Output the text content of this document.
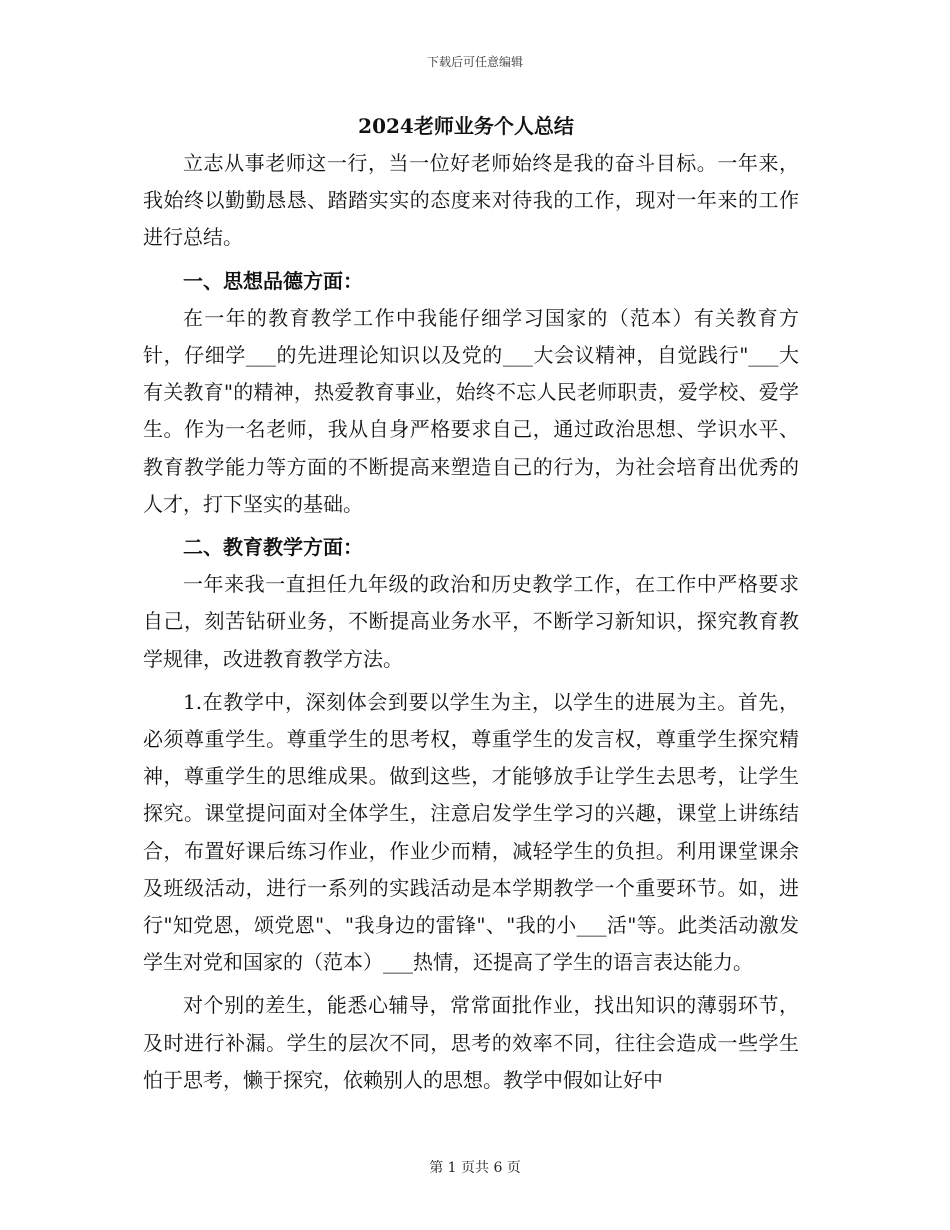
下载后可任意编辑
2024老师业务个人总结

立志从事老师这一行，当一位好老师始终是我的奋斗目标。一年来，我始终以勤勤恳恳、踏踏实实的态度来对待我的工作，现对一年来的工作进行总结。

一、思想品德方面：

在一年的教育教学工作中我能仔细学习国家的（范本）有关教育方针，仔细学___的先进理论知识以及党的___大会议精神，自觉践行"___大有关教育"的精神，热爱教育事业，始终不忘人民老师职责，爱学校、爱学生。作为一名老师，我从自身严格要求自己，通过政治思想、学识水平、教育教学能力等方面的不断提高来塑造自己的行为，为社会培育出优秀的人才，打下坚实的基础。

二、教育教学方面：

一年来我一直担任九年级的政治和历史教学工作，在工作中严格要求自己，刻苦钻研业务，不断提高业务水平，不断学习新知识，探究教育教学规律，改进教育教学方法。

1.在教学中，深刻体会到要以学生为主，以学生的进展为主。首先，必须尊重学生。尊重学生的思考权，尊重学生的发言权，尊重学生探究精神，尊重学生的思维成果。做到这些，才能够放手让学生去思考，让学生探究。课堂提问面对全体学生，注意启发学生学习的兴趣，课堂上讲练结合，布置好课后练习作业，作业少而精，减轻学生的负担。利用课堂课余及班级活动，进行一系列的实践活动是本学期教学一个重要环节。如，进行"知党恩，颂党恩"、"我身边的雷锋"、"我的小___活"等。此类活动激发学生对党和国家的（范本）___热情，还提高了学生的语言表达能力。

对个别的差生，能悉心辅导，常常面批作业，找出知识的薄弱环节，及时进行补漏。学生的层次不同，思考的效率不同，往往会造成一些学生怕于思考，懒于探究，依赖别人的思想。教学中假如让好中

第 1 页共 6 页
